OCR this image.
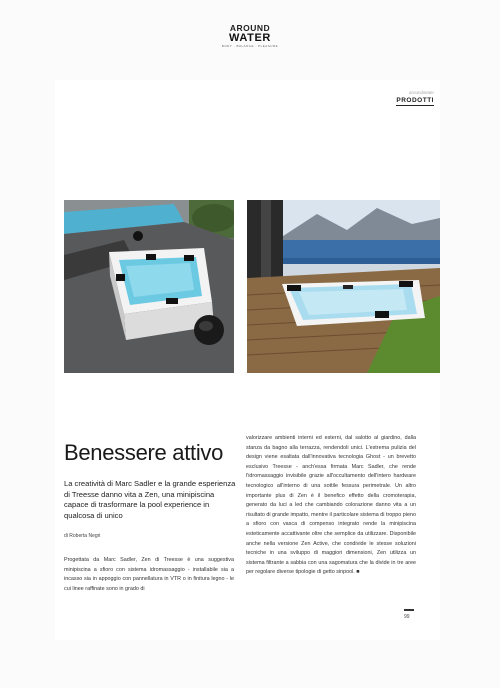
AROUND
WATER
BODY · BALANCE · PLEASURE
aroundwater
PRODOTTI
Benessere attivo
La creatività di Marc Sadler e la grande esperienza di Treesse danno vita a Zen, una minipiscina capace di trasformare la pool experience in qualcosa di unico
di Roberta Negri
Progettata da Marc Sadler, Zen di Treesse è una suggestiva minipiscina a sfioro con sistema idromassaggio - installabile sia a incasso sia in appoggio con pannellatura in VTR o in finitura legno - le cui linee raffinate sono in grado di
valorizzare ambienti interni ed esterni, dal salotto al giardino, dalla stanza da bagno alla terrazza, rendendoli unici. L'estrema pulizia del design viene esaltata dall'innovativa tecnologia Ghost - un brevetto esclusivo Treesse - anch'essa firmata Marc Sadler, che rende l'idromassaggio invisibile grazie all'occultamento dell'intero hardware tecnologico all'interno di una sottile fessura perimetrale. Un altro importante plus di Zen è il benefico effetto della cromoterapia, generato da luci a led che cambiando colorazione danno vita a un risultato di grande impatto, mentre il particolare sistema di troppo pieno a sfioro con vasca di compenso integrato rende la minipiscina esteticamente accattivante oltre che semplice da utilizzare. Disponibile anche nella versione Zen Active, che condivide le stesse soluzioni tecniche in una sviluppo di maggiori dimensioni, Zen utilizza un sistema filtrante a sabbia con una sagomatura che la divide in tre aree per regolare diverse tipologie di getto sinpool. ■
99
